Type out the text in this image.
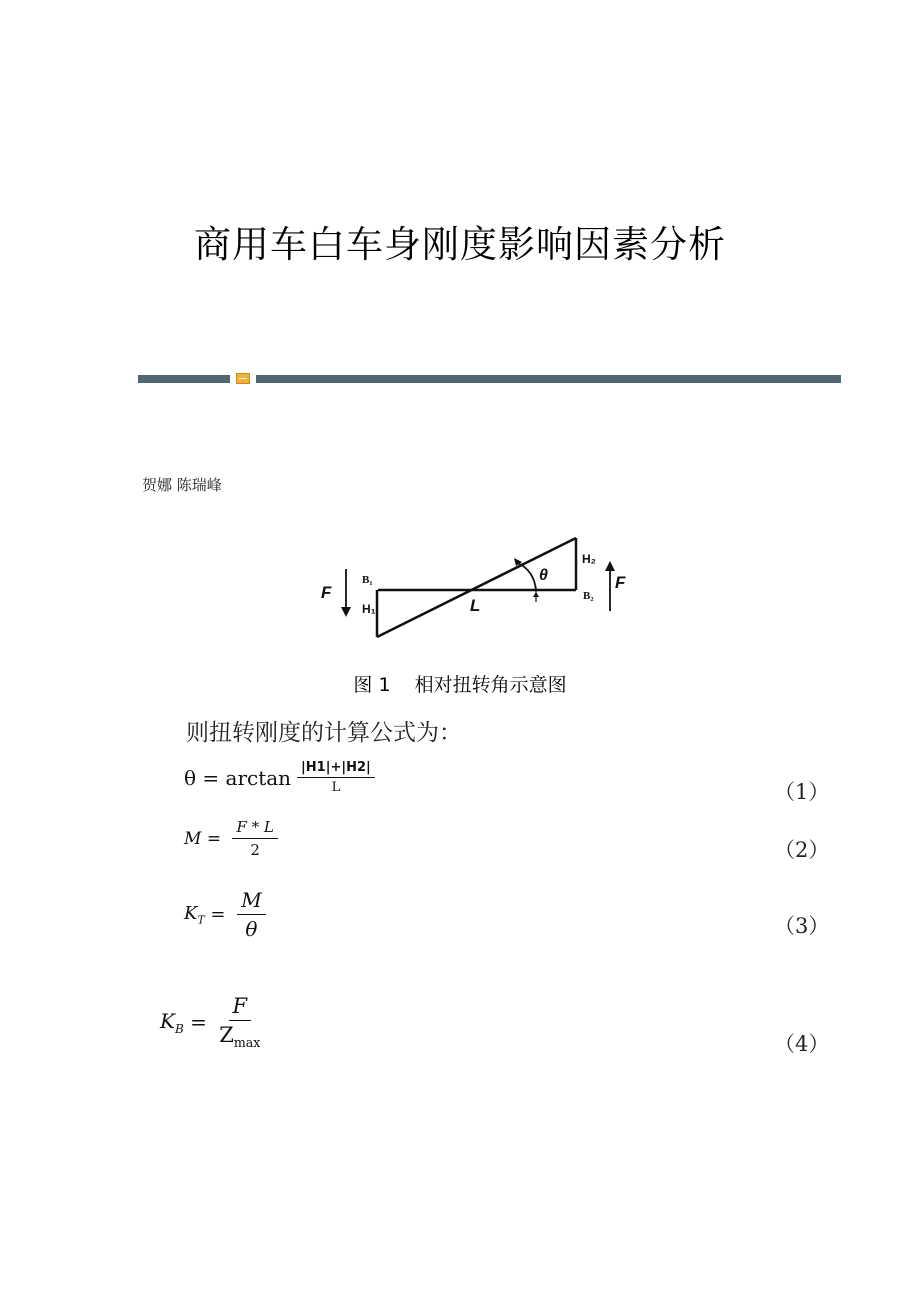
商用车白车身刚度影响因素分析
贺娜 陈瑞峰
F
B₁
H₁	L
θ
H₂
B₂
F
图 1 相对扭转角示意图
则扭转刚度的计算公式为：
$\theta = \arctan \frac{|H1|+|H2|}{L}$	（1）
$M = \frac{F * L}{2}$	（2）
$K_T = \frac{M}{\theta}$	（3）
$K_B = \frac{F}{Z_{max}}$	（4）
